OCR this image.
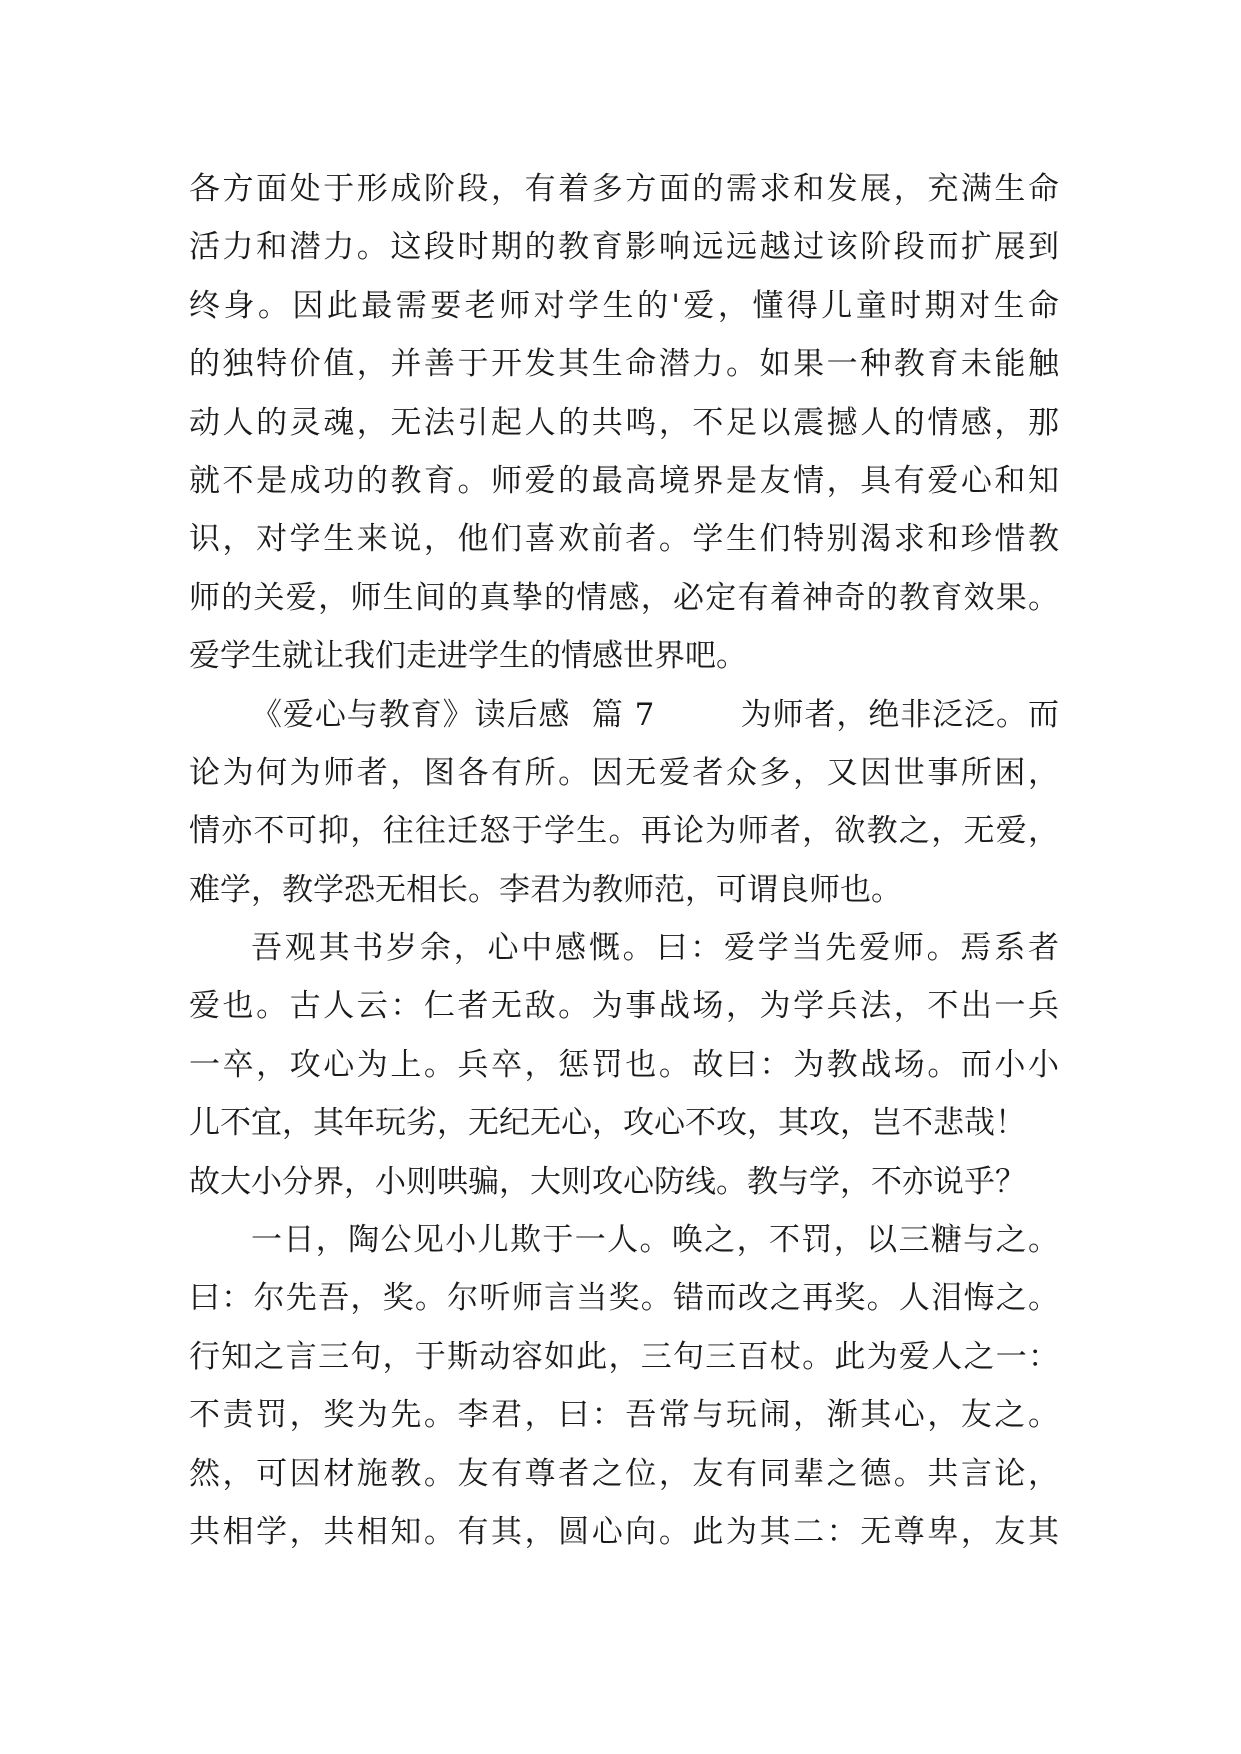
各方面处于形成阶段，有着多方面的需求和发展，充满生命
活力和潜力。这段时期的教育影响远远越过该阶段而扩展到
终身。因此最需要老师对学生的'爱，懂得儿童时期对生命
的独特价值，并善于开发其生命潜力。如果一种教育未能触
动人的灵魂，无法引起人的共鸣，不足以震撼人的情感，那
就不是成功的教育。师爱的最高境界是友情，具有爱心和知
识，对学生来说，他们喜欢前者。学生们特别渴求和珍惜教
师的关爱，师生间的真挚的情感，必定有着神奇的教育效果。
爱学生就让我们走进学生的情感世界吧。
《爱心与教育》读后感  篇 7        为师者，绝非泛泛。而
论为何为师者，图各有所。因无爱者众多，又因世事所困，
情亦不可抑，往往迁怒于学生。再论为师者，欲教之，无爱，
难学，教学恐无相长。李君为教师范，可谓良师也。
吾观其书岁余，心中感慨。曰：爱学当先爱师。焉系者
爱也。古人云：仁者无敌。为事战场，为学兵法，不出一兵
一卒，攻心为上。兵卒，惩罚也。故曰：为教战场。而小小
儿不宜，其年玩劣，无纪无心，攻心不攻，其攻，岂不悲哉！
故大小分界，小则哄骗，大则攻心防线。教与学，不亦说乎？
一日，陶公见小儿欺于一人。唤之，不罚，以三糖与之。
曰：尔先吾，奖。尔听师言当奖。错而改之再奖。人泪悔之。
行知之言三句，于斯动容如此，三句三百杖。此为爱人之一：
不责罚，奖为先。李君，曰：吾常与玩闹，渐其心，友之。
然，可因材施教。友有尊者之位，友有同辈之德。共言论，
共相学，共相知。有其，圆心向。此为其二：无尊卑，友其
